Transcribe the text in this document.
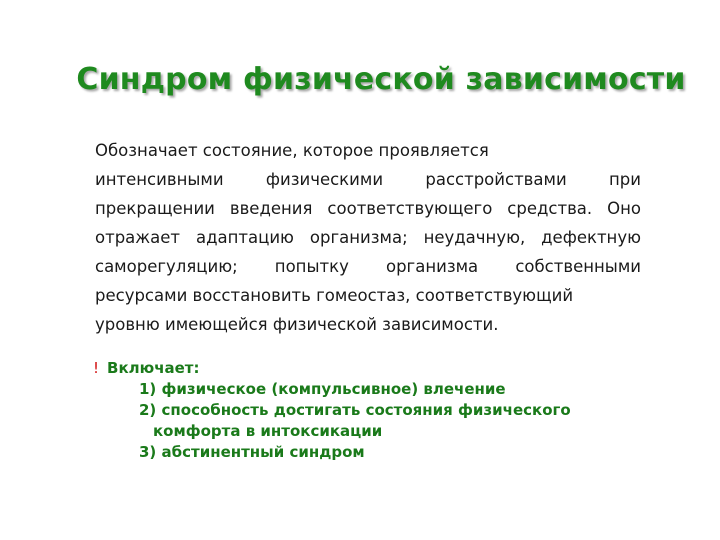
Синдром физической зависимости
Обозначает состояние, которое проявляется
интенсивными физическими расстройствами при
прекращении введения соответствующего средства. Оно
отражает адаптацию организма; неудачную, дефектную
саморегуляцию; попытку организма собственными
ресурсами восстановить гомеостаз, соответствующий
уровню имеющейся физической зависимости.
! Включает:
1) физическое (компульсивное) влечение
2) способность достигать состояния физического
комфорта в интоксикации
3) абстинентный синдром
